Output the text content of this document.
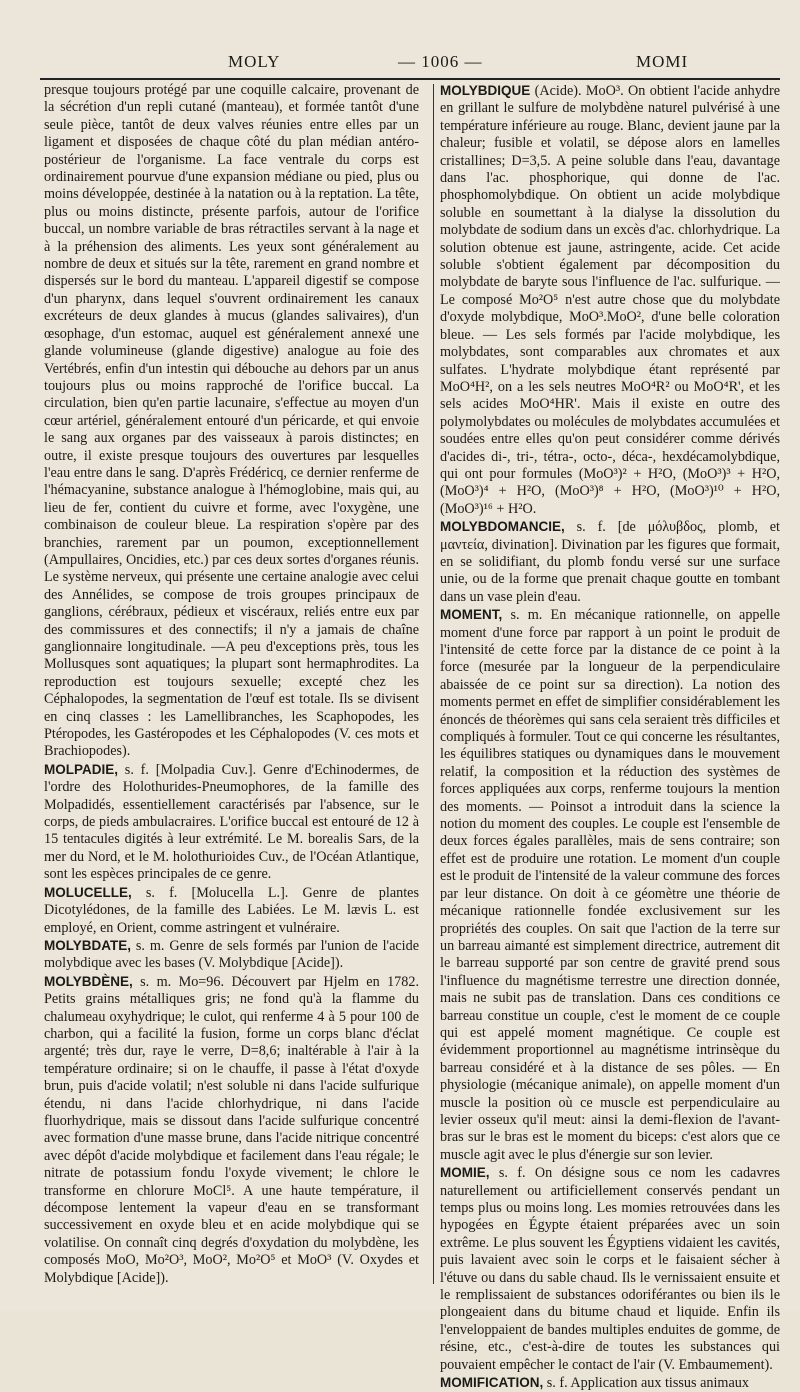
MOLY	— 1006 —	MOMI

presque toujours protégé par une coquille calcaire, provenant de la sécrétion d'un repli cutané (manteau), et formée tantôt d'une seule pièce, tantôt de deux valves réunies entre elles par un ligament et disposées de chaque côté du plan médian antéro-postérieur de l'organisme. La face ventrale du corps est ordinairement pourvue d'une expansion médiane ou pied, plus ou moins développée, destinée à la natation ou à la reptation. La tête, plus ou moins distincte, présente parfois, autour de l'orifice buccal, un nombre variable de bras rétractiles servant à la nage et à la préhension des aliments. Les yeux sont généralement au nombre de deux et situés sur la tête, rarement en grand nombre et dispersés sur le bord du manteau. L'appareil digestif se compose d'un pharynx, dans lequel s'ouvrent ordinairement les canaux excréteurs de deux glandes à mucus (glandes salivaires), d'un œsophage, d'un estomac, auquel est généralement annexé une glande volumineuse (glande digestive) analogue au foie des Vertébrés, enfin d'un intestin qui débouche au dehors par un anus toujours plus ou moins rapproché de l'orifice buccal. La circulation, bien qu'en partie lacunaire, s'effectue au moyen d'un cœur artériel, généralement entouré d'un péricarde, et qui envoie le sang aux organes par des vaisseaux à parois distinctes; en outre, il existe presque toujours des ouvertures par lesquelles l'eau entre dans le sang. D'après Frédéricq, ce dernier renferme de l'hémacyanine, substance analogue à l'hémoglobine, mais qui, au lieu de fer, contient du cuivre et forme, avec l'oxygène, une combinaison de couleur bleue. La respiration s'opère par des branchies, rarement par un poumon, exceptionnellement (Ampullaires, Oncidies, etc.) par ces deux sortes d'organes réunis. Le système nerveux, qui présente une certaine analogie avec celui des Annélides, se compose de trois groupes principaux de ganglions, cérébraux, pédieux et viscéraux, reliés entre eux par des commissures et des connectifs; il n'y a jamais de chaîne ganglionnaire longitudinale. —A peu d'exceptions près, tous les Mollusques sont aquatiques; la plupart sont hermaphrodites. La reproduction est toujours sexuelle; excepté chez les Céphalopodes, la segmentation de l'œuf est totale. Ils se divisent en cinq classes : les Lamellibranches, les Scaphopodes, les Ptéropodes, les Gastéropodes et les Céphalopodes (V. ces mots et Brachiopodes).

MOLPADIE, s. f. [Molpadia Cuv.]. Genre d'Echinodermes, de l'ordre des Holothurides-Pneumophores, de la famille des Molpadidés, essentiellement caractérisés par l'absence, sur le corps, de pieds ambulacraires. L'orifice buccal est entouré de 12 à 15 tentacules digités à leur extrémité. Le M. borealis Sars, de la mer du Nord, et le M. holothurioides Cuv., de l'Océan Atlantique, sont les espèces principales de ce genre.

MOLUCELLE, s. f. [Molucella L.]. Genre de plantes Dicotylédones, de la famille des Labiées. Le M. lævis L. est employé, en Orient, comme astringent et vulnéraire.

MOLYBDATE, s. m. Genre de sels formés par l'union de l'acide molybdique avec les bases (V. Molybdique [Acide]).

MOLYBDÈNE, s. m. Mo=96. Découvert par Hjelm en 1782. Petits grains métalliques gris; ne fond qu'à la flamme du chalumeau oxyhydrique; le culot, qui renferme 4 à 5 pour 100 de charbon, qui a facilité la fusion, forme un corps blanc d'éclat argenté; très dur, raye le verre, D=8,6; inaltérable à l'air à la température ordinaire; si on le chauffe, il passe à l'état d'oxyde brun, puis d'acide volatil; n'est soluble ni dans l'acide sulfurique étendu, ni dans l'acide chlorhydrique, ni dans l'acide fluorhydrique, mais se dissout dans l'acide sulfurique concentré avec formation d'une masse brune, dans l'acide nitrique concentré avec dépôt d'acide molybdique et facilement dans l'eau régale; le nitrate de potassium fondu l'oxyde vivement; le chlore le transforme en chlorure MoCl⁵. A une haute température, il décompose lentement la vapeur d'eau en se transformant successivement en oxyde bleu et en acide molybdique qui se volatilise. On connaît cinq degrés d'oxydation du molybdène, les composés MoO, Mo²O³, MoO², Mo²O⁵ et MoO³ (V. Oxydes et Molybdique [Acide]).

MOLYBDIQUE (Acide). MoO³. On obtient l'acide anhydre en grillant le sulfure de molybdène naturel pulvérisé à une température inférieure au rouge. Blanc, devient jaune par la chaleur; fusible et volatil, se dépose alors en lamelles cristallines; D=3,5. A peine soluble dans l'eau, davantage dans l'ac. phosphorique, qui donne de l'ac. phosphomolybdique. On obtient un acide molybdique soluble en soumettant à la dialyse la dissolution du molybdate de sodium dans un excès d'ac. chlorhydrique. La solution obtenue est jaune, astringente, acide. Cet acide soluble s'obtient également par décomposition du molybdate de baryte sous l'influence de l'ac. sulfurique. — Le composé Mo²O⁵ n'est autre chose que du molybdate d'oxyde molybdique, MoO³.MoO², d'une belle coloration bleue. — Les sels formés par l'acide molybdique, les molybdates, sont comparables aux chromates et aux sulfates. L'hydrate molybdique étant représenté par MoO⁴H², on a les sels neutres MoO⁴R² ou MoO⁴R', et les sels acides MoO⁴HR'. Mais il existe en outre des polymolybdates ou molécules de molybdates accumulées et soudées entre elles qu'on peut considérer comme dérivés d'acides di-, tri-, tétra-, octo-, déca-, hexdécamolybdique, qui ont pour formules (MoO³)² + H²O, (MoO³)³ + H²O, (MoO³)⁴ + H²O, (MoO³)⁸ + H²O, (MoO³)¹⁰ + H²O, (MoO³)¹⁶ + H²O.

MOLYBDOMANCIE, s. f. [de μόλυβδος, plomb, et μαντεία, divination]. Divination par les figures que formait, en se solidifiant, du plomb fondu versé sur une surface unie, ou de la forme que prenait chaque goutte en tombant dans un vase plein d'eau.

MOMENT, s. m. En mécanique rationnelle, on appelle moment d'une force par rapport à un point le produit de l'intensité de cette force par la distance de ce point à la force (mesurée par la longueur de la perpendiculaire abaissée de ce point sur sa direction). La notion des moments permet en effet de simplifier considérablement les énoncés de théorèmes qui sans cela seraient très difficiles et compliqués à formuler. Tout ce qui concerne les résultantes, les équilibres statiques ou dynamiques dans le mouvement relatif, la composition et la réduction des systèmes de forces appliquées aux corps, renferme toujours la mention des moments. — Poinsot a introduit dans la science la notion du moment des couples. Le couple est l'ensemble de deux forces égales parallèles, mais de sens contraire; son effet est de produire une rotation. Le moment d'un couple est le produit de l'intensité de la valeur commune des forces par leur distance. On doit à ce géomètre une théorie de mécanique rationnelle fondée exclusivement sur les propriétés des couples. On sait que l'action de la terre sur un barreau aimanté est simplement directrice, autrement dit le barreau supporté par son centre de gravité prend sous l'influence du magnétisme terrestre une direction donnée, mais ne subit pas de translation. Dans ces conditions ce barreau constitue un couple, c'est le moment de ce couple qui est appelé moment magnétique. Ce couple est évidemment proportionnel au magnétisme intrinsèque du barreau considéré et à la distance de ses pôles. — En physiologie (mécanique animale), on appelle moment d'un muscle la position où ce muscle est perpendiculaire au levier osseux qu'il meut: ainsi la demi-flexion de l'avant-bras sur le bras est le moment du biceps: c'est alors que ce muscle agit avec le plus d'énergie sur son levier.

MOMIE, s. f. On désigne sous ce nom les cadavres naturellement ou artificiellement conservés pendant un temps plus ou moins long. Les momies retrouvées dans les hypogées en Égypte étaient préparées avec un soin extrême. Le plus souvent les Égyptiens vidaient les cavités, puis lavaient avec soin le corps et le faisaient sécher à l'étuve ou dans du sable chaud. Ils le vernissaient ensuite et le remplissaient de substances odoriférantes ou bien ils le plongeaient dans du bitume chaud et liquide. Enfin ils l'enveloppaient de bandes multiples enduites de gomme, de résine, etc., c'est-à-dire de toutes les substances qui pouvaient empêcher le contact de l'air (V. Embaumement).

MOMIFICATION, s. f. Application aux tissus animaux
